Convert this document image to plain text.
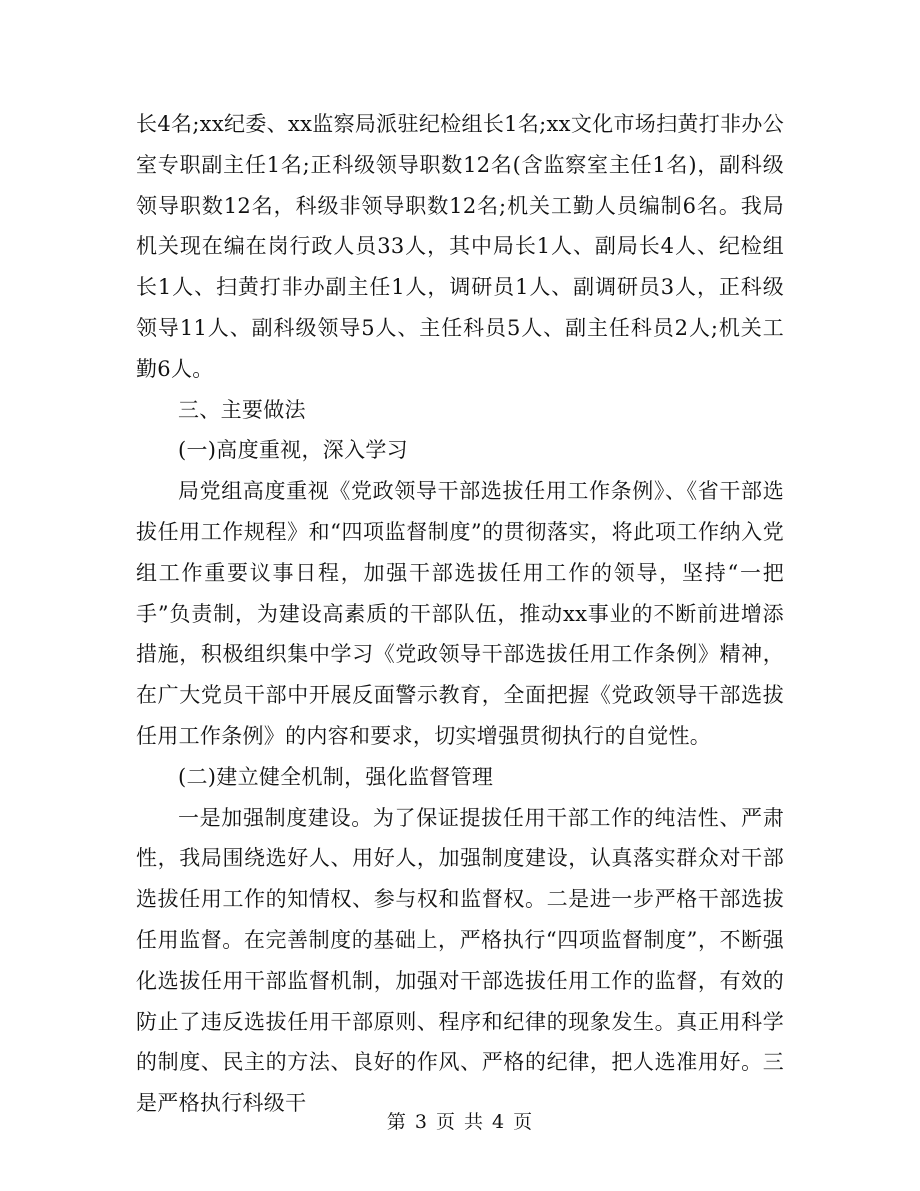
长4名;xx纪委、xx监察局派驻纪检组长1名;xx文化市场扫黄打非办公室专职副主任1名;正科级领导职数12名(含监察室主任1名)，副科级领导职数12名，科级非领导职数12名;机关工勤人员编制6名。我局机关现在编在岗行政人员33人，其中局长1人、副局长4人、纪检组长1人、扫黄打非办副主任1人，调研员1人、副调研员3人，正科级领导11人、副科级领导5人、主任科员5人、副主任科员2人;机关工勤6人。

三、主要做法

(一)高度重视，深入学习

局党组高度重视《党政领导干部选拔任用工作条例》、《省干部选拔任用工作规程》和“四项监督制度”的贯彻落实，将此项工作纳入党组工作重要议事日程，加强干部选拔任用工作的领导，坚持“一把手”负责制，为建设高素质的干部队伍，推动xx事业的不断前进增添措施，积极组织集中学习《党政领导干部选拔任用工作条例》精神，在广大党员干部中开展反面警示教育，全面把握《党政领导干部选拔任用工作条例》的内容和要求，切实增强贯彻执行的自觉性。

(二)建立健全机制，强化监督管理

一是加强制度建设。为了保证提拔任用干部工作的纯洁性、严肃性，我局围绕选好人、用好人，加强制度建设，认真落实群众对干部选拔任用工作的知情权、参与权和监督权。二是进一步严格干部选拔任用监督。在完善制度的基础上，严格执行“四项监督制度”，不断强化选拔任用干部监督机制，加强对干部选拔任用工作的监督，有效的防止了违反选拔任用干部原则、程序和纪律的现象发生。真正用科学的制度、民主的方法、良好的作风、严格的纪律，把人选准用好。三是严格执行科级干

第 3 页 共 4 页
